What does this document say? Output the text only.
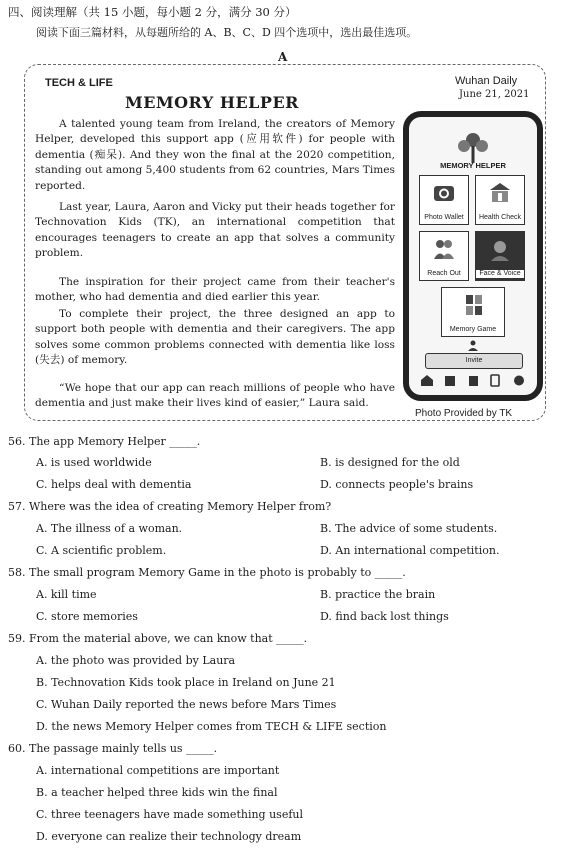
四、阅读理解（共 15 小题，每小题 2 分，满分 30 分）
阅读下面三篇材料，从每题所给的 A、B、C、D 四个选项中，选出最佳选项。
A
TECH & LIFE	Wuhan Daily
June 21, 2021
MEMORY HELPER
A talented young team from Ireland, the creators of Memory Helper, developed this support app (应用软件) for people with dementia (痴呆). And they won the final at the 2020 competition, standing out among 5,400 students from 62 countries, Mars Times reported.
Last year, Laura, Aaron and Vicky put their heads together for Technovation Kids (TK), an international competition that encourages teenagers to create an app that solves a community problem.
The inspiration for their project came from their teacher's mother, who had dementia and died earlier this year.
To complete their project, the three designed an app to support both people with dementia and their caregivers. The app solves some common problems connected with dementia like loss (失去) of memory.
“We hope that our app can reach millions of people who have dementia and just make their lives kind of easier,” Laura said.
MEMORY HELPER
Photo Wallet	Health Check
Reach Out	Face & Voice
Memory Game
Invite
Photo Provided by TK
56. The app Memory Helper _____.
A. is used worldwide	B. is designed for the old
C. helps deal with dementia	D. connects people's brains
57. Where was the idea of creating Memory Helper from?
A. The illness of a woman.	B. The advice of some students.
C. A scientific problem.	D. An international competition.
58. The small program Memory Game in the photo is probably to _____.
A. kill time	B. practice the brain
C. store memories	D. find back lost things
59. From the material above, we can know that _____.
A. the photo was provided by Laura
B. Technovation Kids took place in Ireland on June 21
C. Wuhan Daily reported the news before Mars Times
D. the news Memory Helper comes from TECH & LIFE section
60. The passage mainly tells us _____.
A. international competitions are important
B. a teacher helped three kids win the final
C. three teenagers have made something useful
D. everyone can realize their technology dream
